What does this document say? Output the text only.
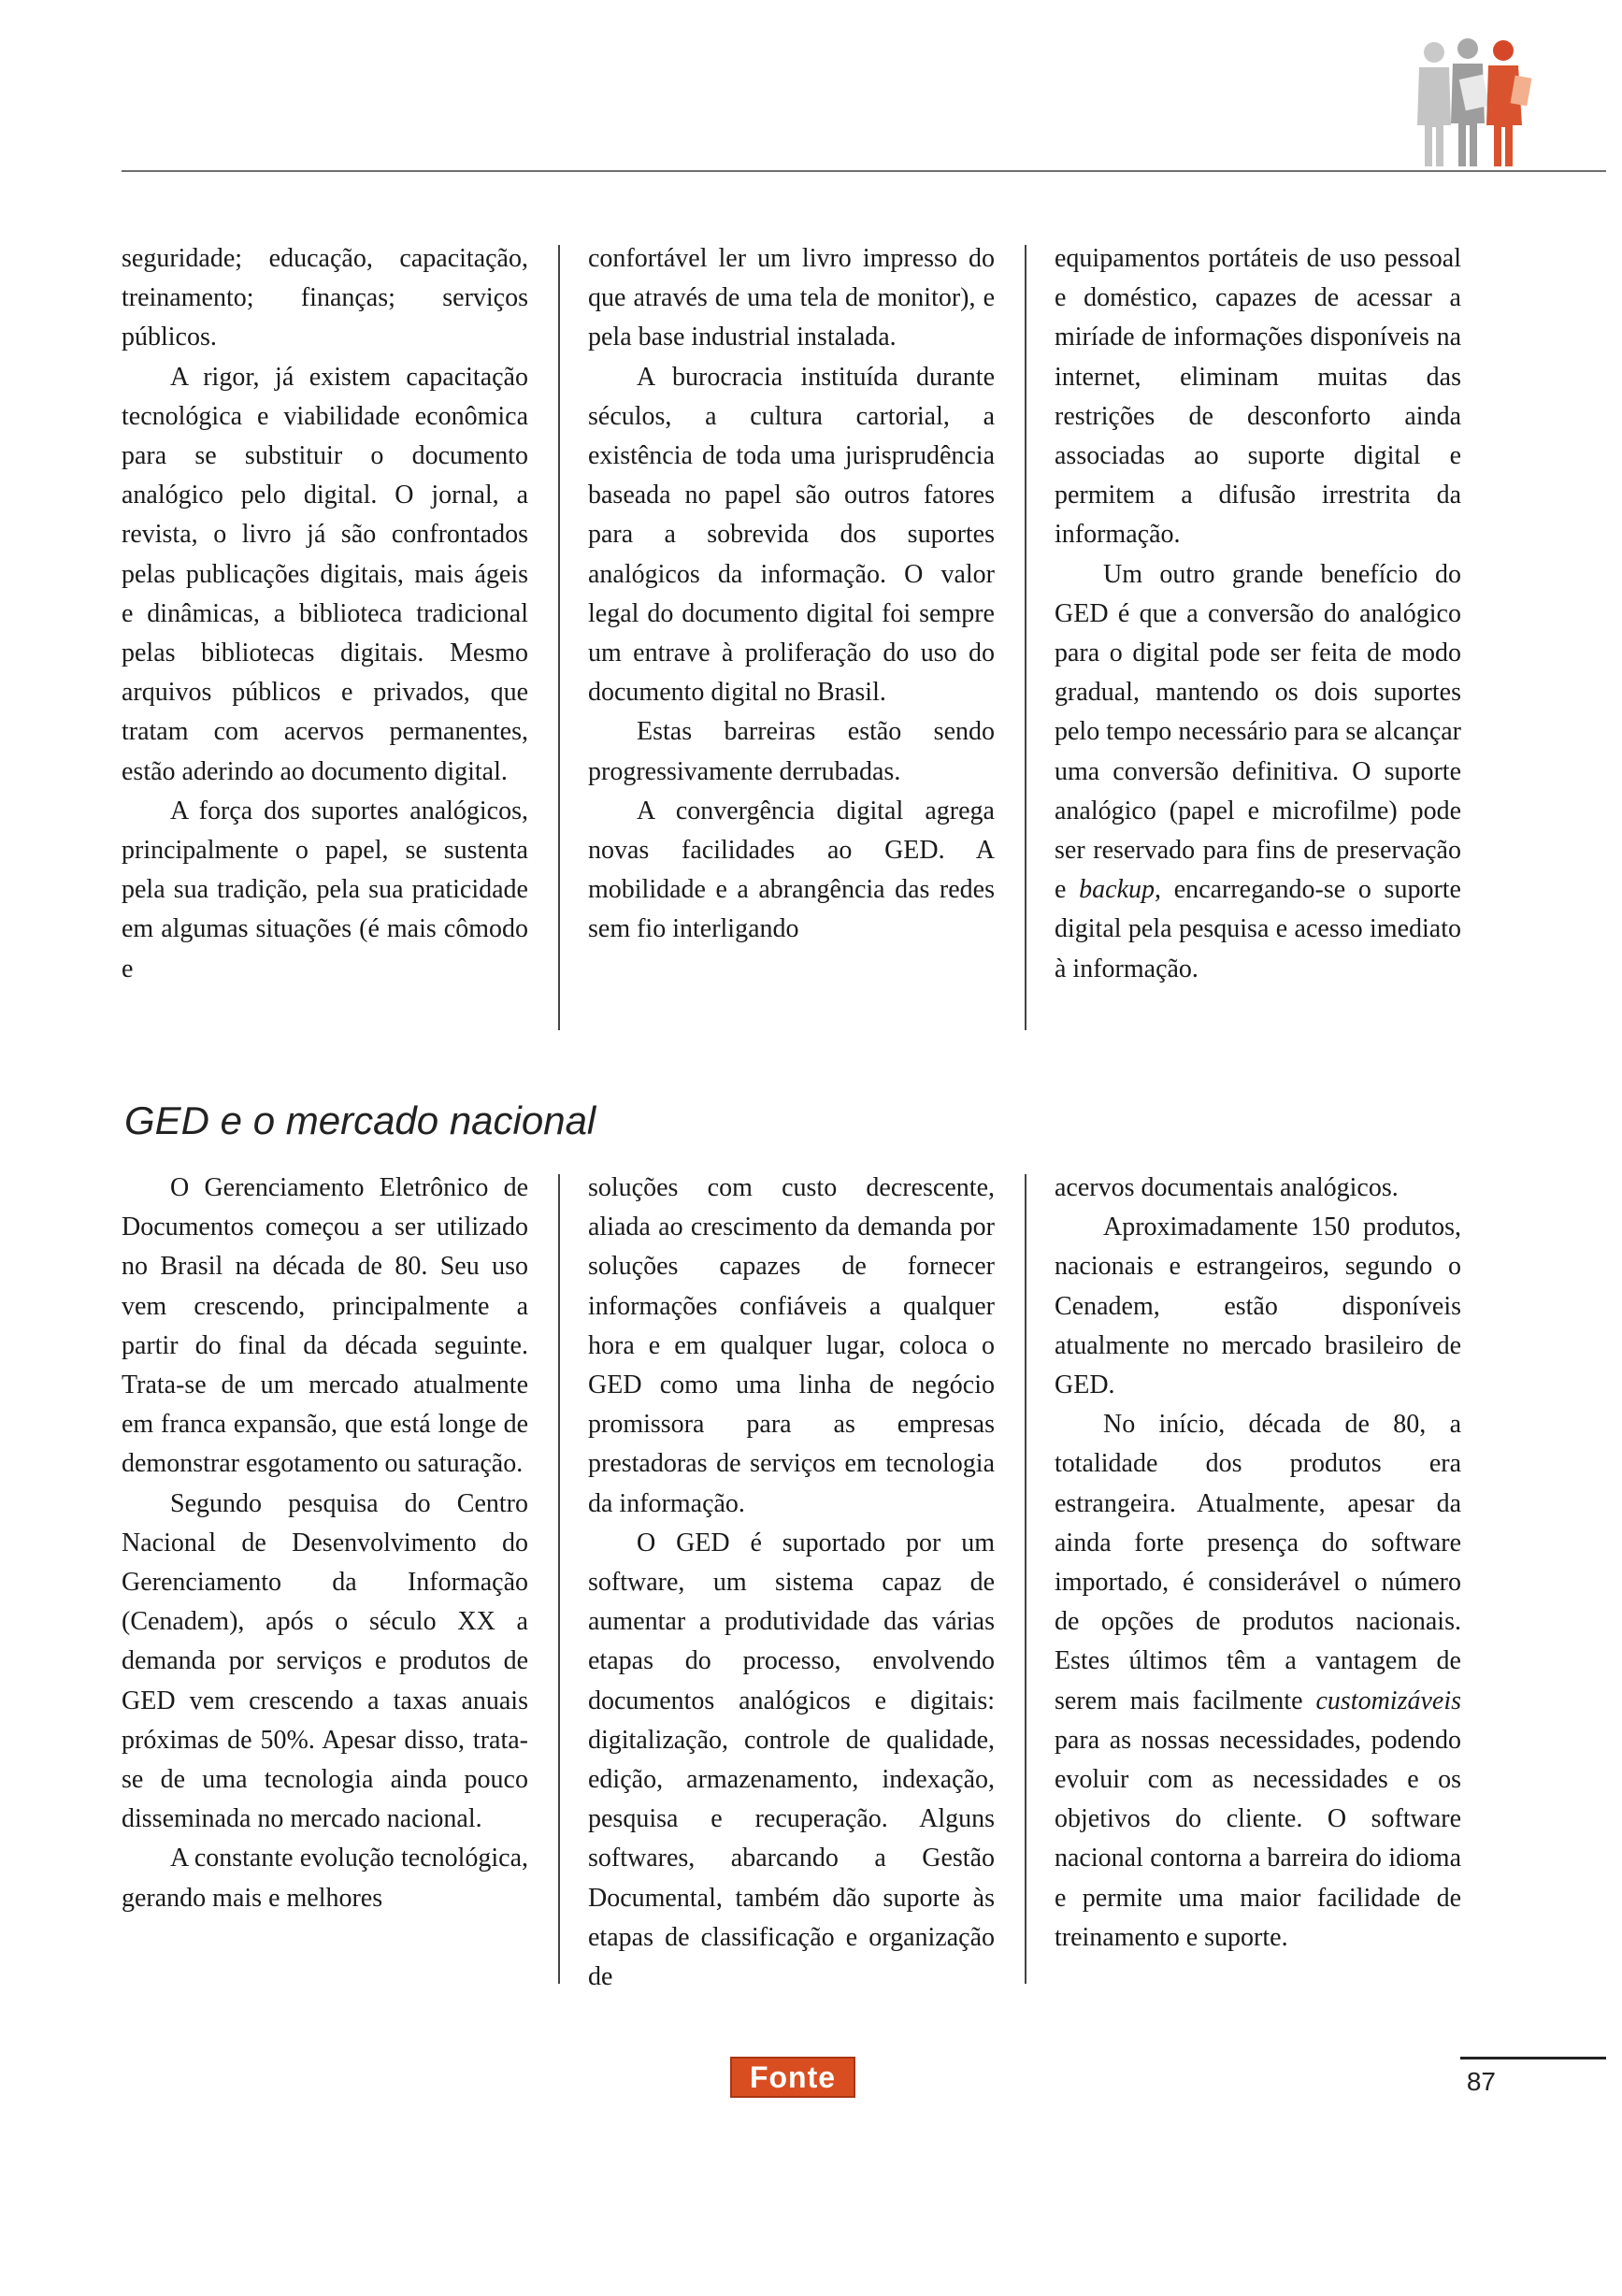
seguridade; educação, capacitação, treinamento; finanças; serviços públicos.

A rigor, já existem capacitação tecnológica e viabilidade econômica para se substituir o documento analógico pelo digital. O jornal, a revista, o livro já são confrontados pelas publicações digitais, mais ágeis e dinâmicas, a biblioteca tradicional pelas bibliotecas digitais. Mesmo arquivos públicos e privados, que tratam com acervos permanentes, estão aderindo ao documento digital.

A força dos suportes analógicos, principalmente o papel, se sustenta pela sua tradição, pela sua praticidade em algumas situações (é mais cômodo e

confortável ler um livro impresso do que através de uma tela de monitor), e pela base industrial instalada.

A burocracia instituída durante séculos, a cultura cartorial, a existência de toda uma jurisprudência baseada no papel são outros fatores para a sobrevida dos suportes analógicos da informação. O valor legal do documento digital foi sempre um entrave à proliferação do uso do documento digital no Brasil.

Estas barreiras estão sendo progressivamente derrubadas.

A convergência digital agrega novas facilidades ao GED. A mobilidade e a abrangência das redes sem fio interligando

equipamentos portáteis de uso pessoal e doméstico, capazes de acessar a miríade de informações disponíveis na internet, eliminam muitas das restrições de desconforto ainda associadas ao suporte digital e permitem a difusão irrestrita da informação.

Um outro grande benefício do GED é que a conversão do analógico para o digital pode ser feita de modo gradual, mantendo os dois suportes pelo tempo necessário para se alcançar uma conversão definitiva. O suporte analógico (papel e microfilme) pode ser reservado para fins de preservação e backup, encarregando-se o suporte digital pela pesquisa e acesso imediato à informação.

GED e o mercado nacional

O Gerenciamento Eletrônico de Documentos começou a ser utilizado no Brasil na década de 80. Seu uso vem crescendo, principalmente a partir do final da década seguinte. Trata-se de um mercado atualmente em franca expansão, que está longe de demonstrar esgotamento ou saturação.

Segundo pesquisa do Centro Nacional de Desenvolvimento do Gerenciamento da Informação (Cenadem), após o século XX a demanda por serviços e produtos de GED vem crescendo a taxas anuais próximas de 50%. Apesar disso, trata-se de uma tecnologia ainda pouco disseminada no mercado nacional.

A constante evolução tecnológica, gerando mais e melhores

soluções com custo decrescente, aliada ao crescimento da demanda por soluções capazes de fornecer informações confiáveis a qualquer hora e em qualquer lugar, coloca o GED como uma linha de negócio promissora para as empresas prestadoras de serviços em tecnologia da informação.

O GED é suportado por um software, um sistema capaz de aumentar a produtividade das várias etapas do processo, envolvendo documentos analógicos e digitais: digitalização, controle de qualidade, edição, armazenamento, indexação, pesquisa e recuperação. Alguns softwares, abarcando a Gestão Documental, também dão suporte às etapas de classificação e organização de

acervos documentais analógicos.

Aproximadamente 150 produtos, nacionais e estrangeiros, segundo o Cenadem, estão disponíveis atualmente no mercado brasileiro de GED.

No início, década de 80, a totalidade dos produtos era estrangeira. Atualmente, apesar da ainda forte presença do software importado, é considerável o número de opções de produtos nacionais. Estes últimos têm a vantagem de serem mais facilmente customizáveis para as nossas necessidades, podendo evoluir com as necessidades e os objetivos do cliente. O software nacional contorna a barreira do idioma e permite uma maior facilidade de treinamento e suporte.

Fonte	87
